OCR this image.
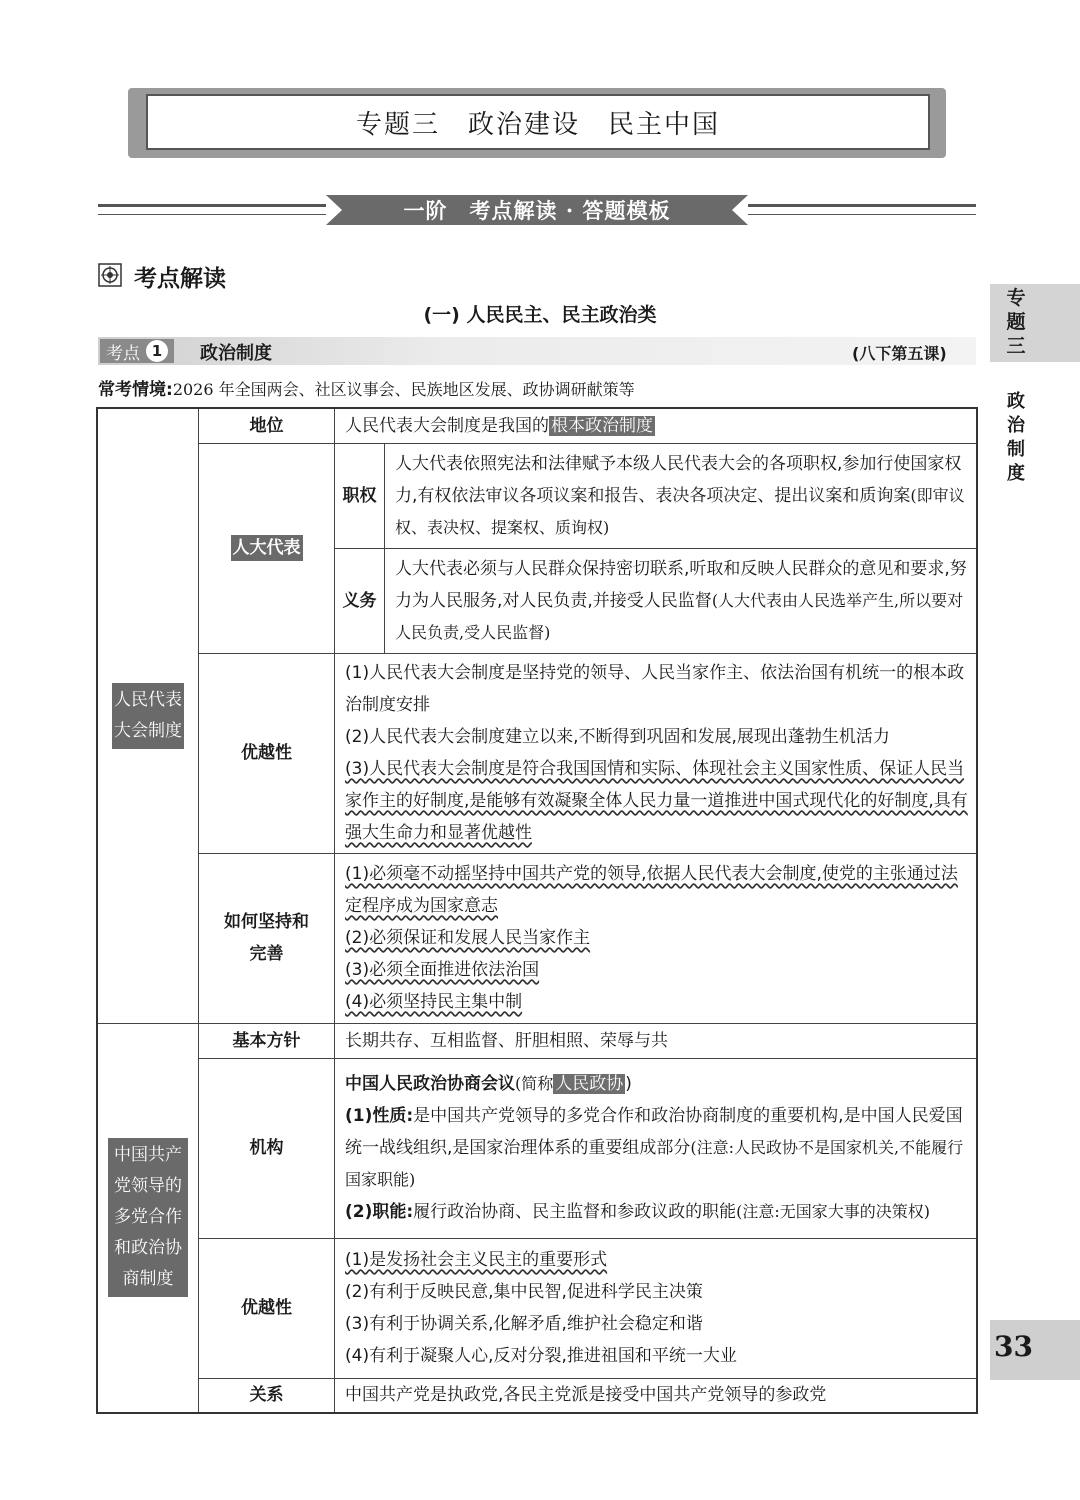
专题三 政治建设 民主中国
一阶　考点解读 · 答题模板
考点解读
(一) 人民民主、民主政治类
考点 1	政治制度	(八下第五课)
常考情境:2026 年全国两会、社区议事会、民族地区发展、政协调研献策等
人民代表
大会制度	地位	人民代表大会制度是我国的 根本政治制度	
	人大代表	职权	人大代表依照宪法和法律赋予本级人民代表大会的各项职权,参加行使国家权力,有权依法审议各项议案和报告、表决各项决定、提出议案和质询案(即审议权、表决权、提案权、质询权)
		义务	人大代表必须与人民群众保持密切联系,听取和反映人民群众的意见和要求,努力为人民服务,对人民负责,并接受人民监督(人大代表由人民选举产生,所以要对人民负责,受人民监督)
	优越性	(1)人民代表大会制度是坚持党的领导、人民当家作主、依法治国有机统一的根本政治制度安排
(2)人民代表大会制度建立以来,不断得到巩固和发展,展现出蓬勃生机活力
(3)人民代表大会制度是符合我国国情和实际、体现社会主义国家性质、保证人民当家作主的好制度,是能够有效凝聚全体人民力量一道推进中国式现代化的好制度,具有强大生命力和显著优越性	

	如何坚持和完善	(1)必须毫不动摇坚持中国共产党的领导,依据人民代表大会制度,使党的主张通过法定程序成为国家意志
(2)必须保证和发展人民当家作主
(3)必须全面推进依法治国
(4)必须坚持民主集中制	

中国共产党领导的多党合作和政治协商制度	基本方针	长期共存、互相监督、肝胆相照、荣辱与共	
	机构	中国人民政治协商会议(简称 人民政协 )
(1)性质:是中国共产党领导的多党合作和政治协商制度的重要机构,是中国人民爱国统一战线组织,是国家治理体系的重要组成部分(注意:人民政协不是国家机关,不能履行国家职能)
(2)职能:履行政治协商、民主监督和参政议政的职能(注意:无国家大事的决策权)	

	优越性	(1)是发扬社会主义民主的重要形式
(2)有利于反映民意,集中民智,促进科学民主决策
(3)有利于协调关系,化解矛盾,维护社会稳定和谐
(4)有利于凝聚人心,反对分裂,推进祖国和平统一大业	

	关系	中国共产党是执政党,各民主党派是接受中国共产党领导的参政党	
专题三
政治制度
33
